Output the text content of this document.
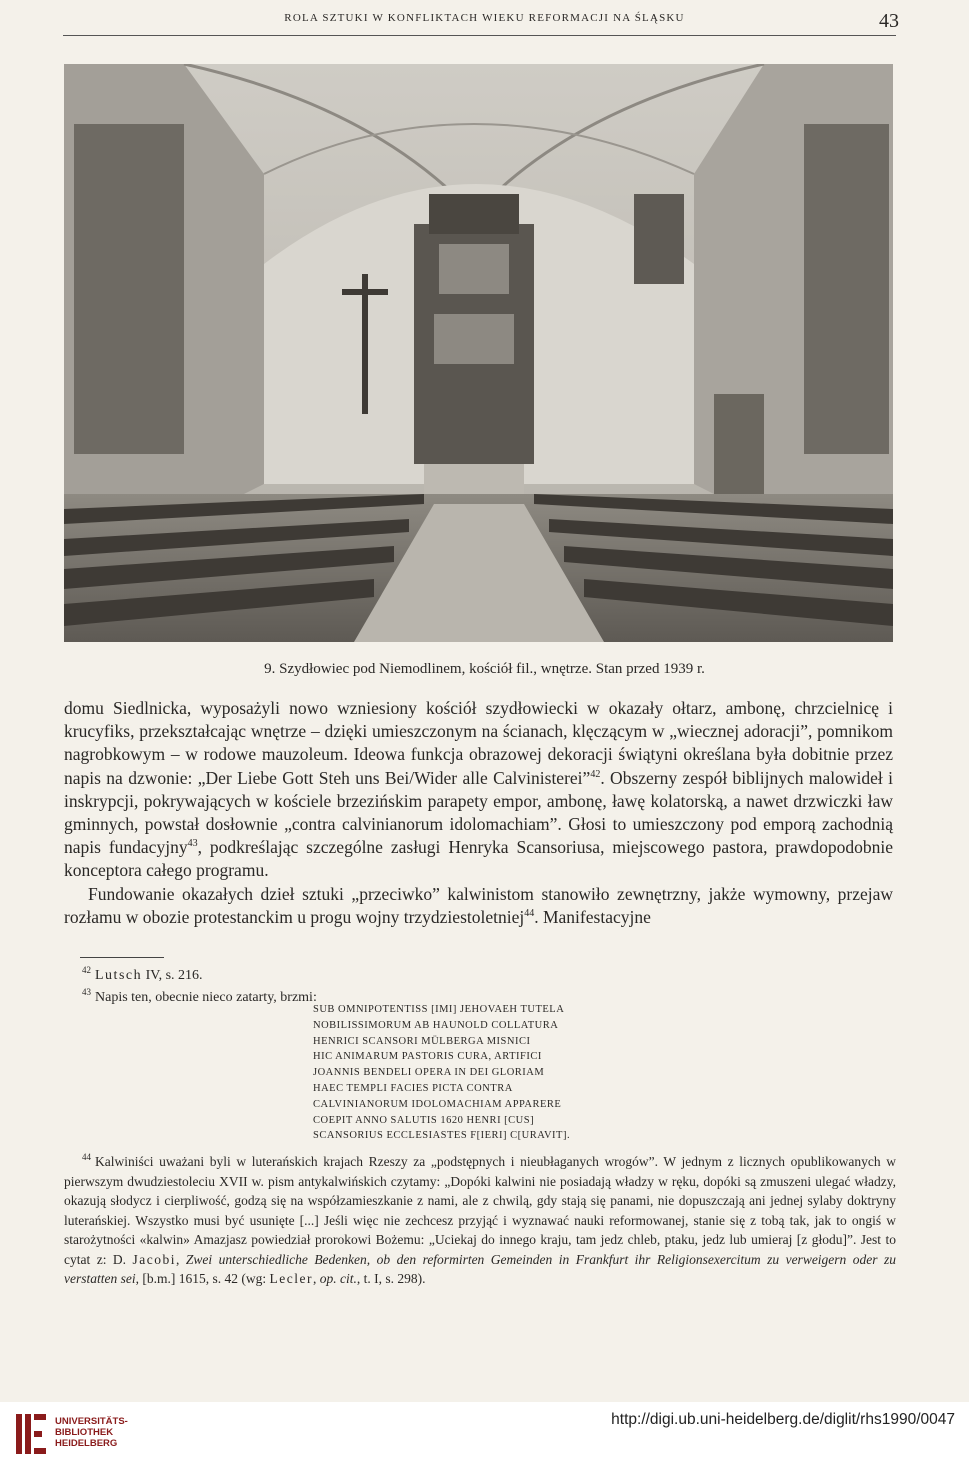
ROLA SZTUKI W KONFLIKTACH WIEKU REFORMACJI NA ŚLĄSKU	43
9. Szydłowiec pod Niemodlinem, kościół fil., wnętrze. Stan przed 1939 r.

domu Siedlnicka, wyposażyli nowo wzniesiony kościół szydłowiecki w okazały ołtarz, ambonę, chrzcielnicę i krucyfiks, przekształcając wnętrze – dzięki umieszczonym na ścianach, klęczącym w „wiecznej adoracji”, pomnikom nagrobkowym – w rodowe mauzoleum. Ideowa funkcja obrazowej dekoracji świątyni określana była dobitnie przez napis na dzwonie: „Der Liebe Gott Steh uns Bei/Wider alle Calvinisterei”$^{42}$. Obszerny zespół biblijnych malowideł i inskrypcji, pokrywających w kościele brzezińskim parapety empor, ambonę, ławę kolatorską, a nawet drzwiczki ław gminnych, powstał dosłownie „contra calvinianorum idolomachiam”. Głosi to umieszczony pod emporą zachodnią napis fundacyjny$^{43}$, podkreślając szczególne zasługi Henryka Scansoriusa, miejscowego pastora, prawdopodobnie konceptora całego programu.

Fundowanie okazałych dzieł sztuki „przeciwko” kalwinistom stanowiło zewnętrzny, jakże wymowny, przejaw rozłamu w obozie protestanckim u progu wojny trzydziestoletniej$^{44}$. Manifestacyjne

$^{42}$ Lutsch IV, s. 216.
$^{43}$ Napis ten, obecnie nieco zatarty, brzmi:
SUB OMNIPOTENTISS [IMI] JEHOVAEH TUTELA
NOBILISSIMORUM AB HAUNOLD COLLATURA
HENRICI SCANSORI MÜLBERGA MISNICI
HIC ANIMARUM PASTORIS CURA, ARTIFICI
JOANNIS BENDELI OPERA IN DEI GLORIAM
HAEC TEMPLI FACIES PICTA CONTRA
CALVINIANORUM IDOLOMACHIAM APPARERE
COEPIT ANNO SALUTIS 1620 HENRI [CUS]
SCANSORIUS ECCLESIASTES F[IERI] C[URAVIT].
$^{44}$ Kalwiniści uważani byli w luterańskich krajach Rzeszy za „podstępnych i nieubłaganych wrogów”. W jednym z licznych opublikowanych w pierwszym dwudziestoleciu XVII w. pism antykalwińskich czytamy: „Dopóki kalwini nie posiadają władzy w ręku, dopóki są zmuszeni ulegać władzy, okazują słodycz i cierpliwość, godzą się na współzamieszkanie z nami, ale z chwilą, gdy stają się panami, nie dopuszczają ani jednej sylaby doktryny luterańskiej. Wszystko musi być usunięte [...] Jeśli więc nie zechcesz przyjąć i wyznawać nauki reformowanej, stanie się z tobą tak, jak to ongiś w starożytności «kalwin» Amazjasz powiedział prorokowi Bożemu: „Uciekaj do innego kraju, tam jedz chleb, ptaku, jedz lub umieraj [z głodu]”. Jest to cytat z: D. Jacobi, Zwei unterschiedliche Bedenken, ob den reformirten Gemeinden in Frankfurt ihr Religionsexercitum zu verweigern oder zu verstatten sei, [b.m.] 1615, s. 42 (wg: Lecler, op. cit., t. I, s. 298).
UNIVERSITÄTS-
BIBLIOTHEK
HEIDELBERG
http://digi.ub.uni-heidelberg.de/diglit/rhs1990/0047
